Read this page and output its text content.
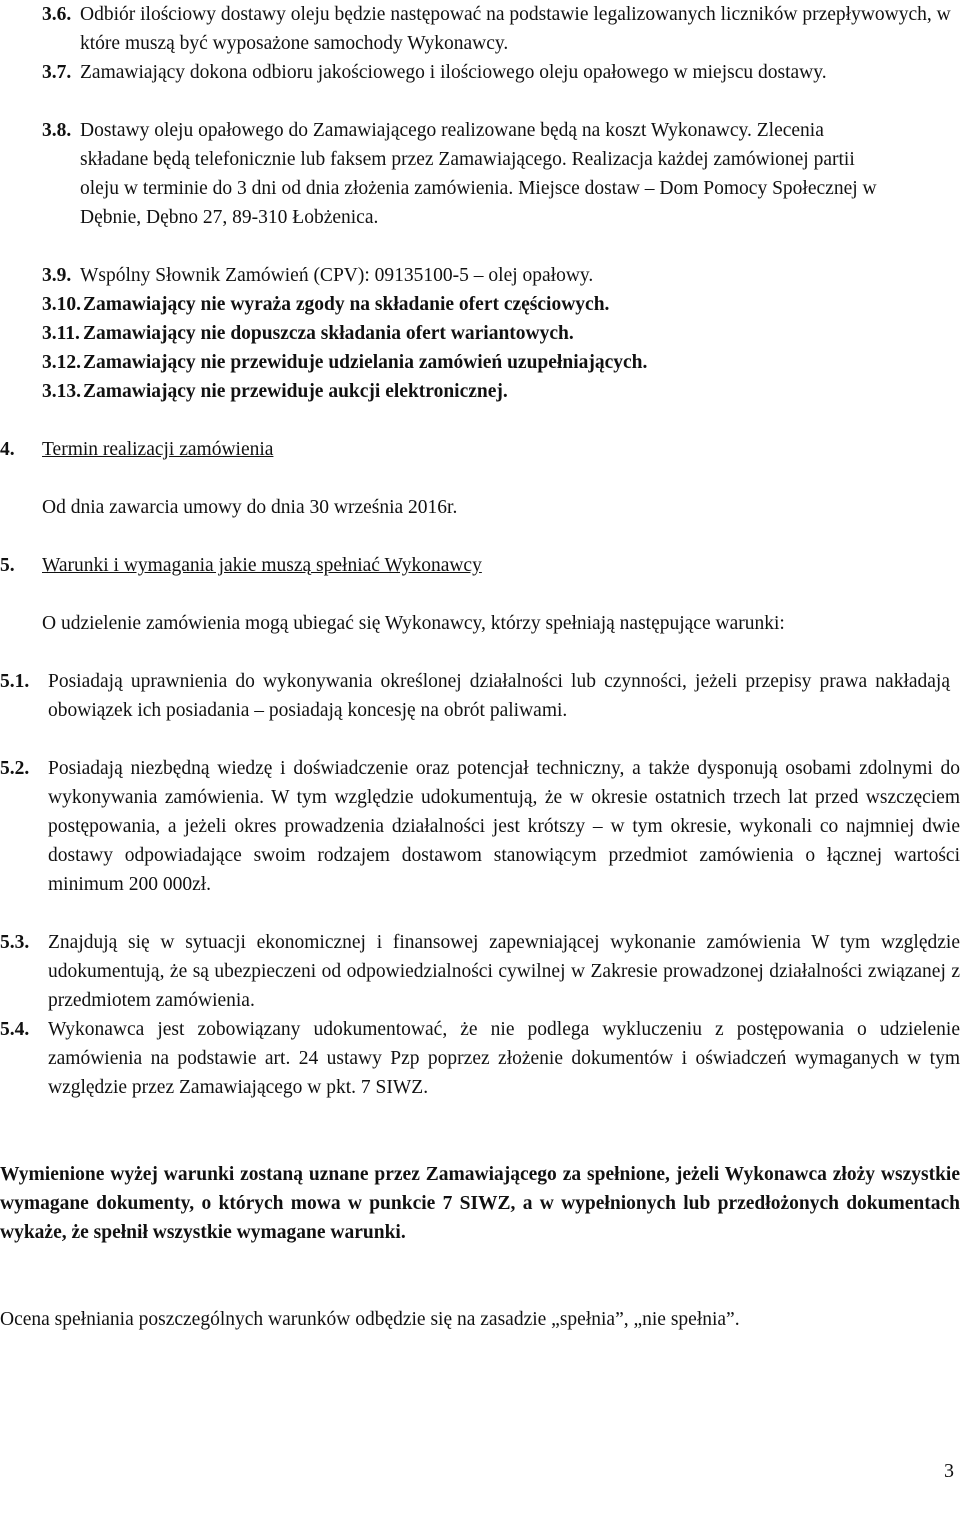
3.6. Odbiór ilościowy dostawy oleju będzie następować na podstawie legalizowanych liczników przepływowych, w które muszą być wyposażone samochody Wykonawcy.
3.7. Zamawiający dokona odbioru jakościowego i ilościowego oleju opałowego w miejscu dostawy.
3.8. Dostawy oleju opałowego do Zamawiającego realizowane będą na koszt Wykonawcy. Zlecenia składane będą telefonicznie lub faksem przez Zamawiającego. Realizacja każdej zamówionej partii oleju w terminie do 3 dni od dnia złożenia zamówienia. Miejsce dostaw – Dom Pomocy Społecznej w Dębnie, Dębno 27, 89-310 Łobżenica.
3.9. Wspólny Słownik Zamówień (CPV): 09135100-5 – olej opałowy.
3.10. Zamawiający nie wyraża zgody na składanie ofert częściowych.
3.11. Zamawiający nie dopuszcza składania ofert wariantowych.
3.12. Zamawiający nie przewiduje udzielania zamówień uzupełniających.
3.13. Zamawiający nie przewiduje aukcji elektronicznej.
4.	Termin realizacji zamówienia
Od dnia zawarcia umowy do dnia 30 września 2016r.
5.	Warunki i wymagania jakie muszą spełniać Wykonawcy
O udzielenie zamówienia mogą ubiegać się Wykonawcy, którzy spełniają następujące warunki:
5.1. Posiadają uprawnienia do wykonywania określonej działalności lub czynności, jeżeli przepisy prawa nakładają obowiązek ich posiadania – posiadają koncesję na obrót paliwami.
5.2. Posiadają niezbędną wiedzę i doświadczenie oraz potencjał techniczny, a także dysponują osobami zdolnymi do wykonywania zamówienia. W tym względzie udokumentują, że w okresie ostatnich trzech lat przed wszczęciem postępowania, a jeżeli okres prowadzenia działalności jest krótszy – w tym okresie, wykonali co najmniej dwie dostawy odpowiadające swoim rodzajem dostawom stanowiącym przedmiot zamówienia o łącznej wartości minimum 200 000zł.
5.3. Znajdują się w sytuacji ekonomicznej i finansowej zapewniającej wykonanie zamówienia W tym względzie udokumentują, że są ubezpieczeni od odpowiedzialności cywilnej w Zakresie prowadzonej działalności związanej z przedmiotem zamówienia.
5.4. Wykonawca jest zobowiązany udokumentować, że nie podlega wykluczeniu z postępowania o udzielenie zamówienia na podstawie art. 24 ustawy Pzp poprzez złożenie dokumentów i oświadczeń wymaganych w tym względzie przez Zamawiającego w pkt. 7 SIWZ.
Wymienione wyżej warunki zostaną uznane przez Zamawiającego za spełnione, jeżeli Wykonawca złoży wszystkie wymagane dokumenty, o których mowa w punkcie 7 SIWZ, a w wypełnionych lub przedłożonych dokumentach wykaże, że spełnił wszystkie wymagane warunki.
Ocena spełniania poszczególnych warunków odbędzie się na zasadzie „spełnia”, „nie spełnia”.
3
